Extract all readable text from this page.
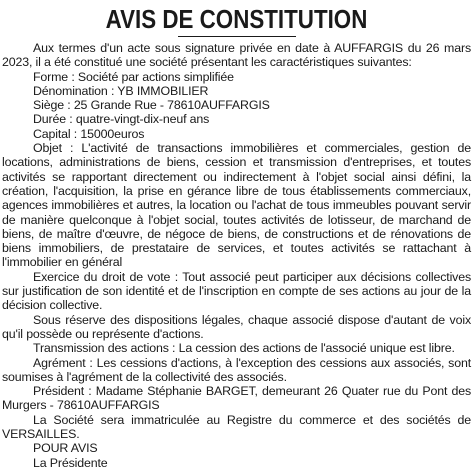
AVIS DE CONSTITUTION

Aux termes d'un acte sous signature privée en date à AUFFARGIS du 26 mars 2023, il a été constitué une société présentant les caractéristiques suivantes:

Forme : Société par actions simplifiée

Dénomination : YB IMMOBILIER

Siège : 25 Grande Rue - 78610AUFFARGIS

Durée : quatre-vingt-dix-neuf ans

Capital : 15000euros

Objet : L'activité de transactions immobilières et commerciales, gestion de locations, administrations de biens, cession et transmission d'entreprises, et toutes activités se rapportant directement ou indirectement à l'objet social ainsi défini, la création, l'acquisition, la prise en gérance libre de tous établissements commerciaux, agences immobilières et autres, la location ou l'achat de tous immeubles pouvant servir de manière quelconque à l'objet social, toutes activités de lotisseur, de marchand de biens, de maître d'œuvre, de négoce de biens, de constructions et de rénovations de biens immobiliers, de prestataire de services, et toutes activités se rattachant à l'immobilier en général

Exercice du droit de vote : Tout associé peut participer aux décisions collectives sur justification de son identité et de l'inscription en compte de ses actions au jour de la décision collective.

Sous réserve des dispositions légales, chaque associé dispose d'autant de voix qu'il possède ou représente d'actions.

Transmission des actions : La cession des actions de l'associé unique est libre.

Agrément : Les cessions d'actions, à l'exception des cessions aux associés, sont soumises à l'agrément de la collectivité des associés.

Président : Madame Stéphanie BARGET, demeurant 26 Quater rue du Pont des Murgers - 78610AUFFARGIS

La Société sera immatriculée au Registre du commerce et des sociétés de VERSAILLES.

POUR AVIS

La Présidente
